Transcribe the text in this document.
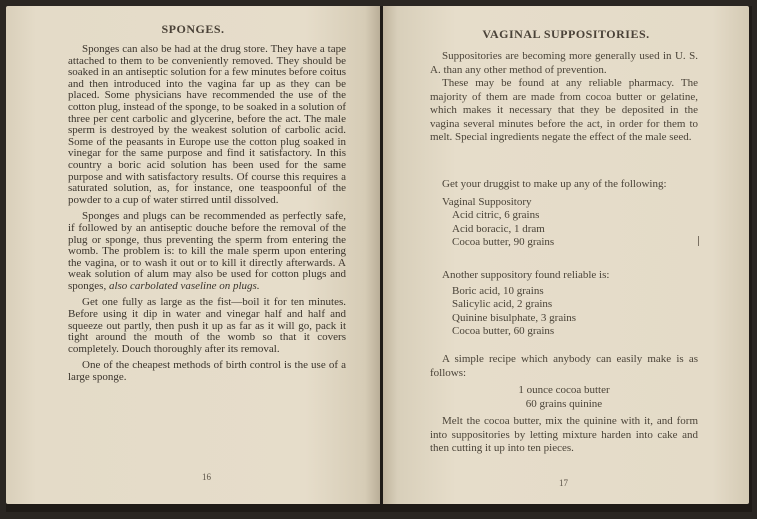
SPONGES.

Sponges can also be had at the drug store. They have a tape attached to them to be conveniently removed. They should be soaked in an antiseptic solution for a few minutes before coitus and then introduced into the vagina far up as they can be placed. Some physicians have recommended the use of the cotton plug, instead of the sponge, to be soaked in a solution of three per cent carbolic and glycerine, before the act. The male sperm is destroyed by the weakest solution of carbolic acid. Some of the peasants in Europe use the cotton plug soaked in vinegar for the same purpose and find it satisfactory. In this country a boric acid solution has been used for the same purpose and with satisfactory results. Of course this requires a saturated solution, as, for instance, one teaspoonful of the powder to a cup of water stirred until dissolved.

Sponges and plugs can be recommended as perfectly safe, if followed by an antiseptic douche before the removal of the plug or sponge, thus preventing the sperm from entering the womb. The problem is: to kill the male sperm upon entering the vagina, or to wash it out or to kill it directly afterwards. A weak solution of alum may also be used for cotton plugs and sponges, also carbolated vaseline on plugs.

Get one fully as large as the fist—boil it for ten minutes. Before using it dip in water and vinegar half and half and squeeze out partly, then push it up as far as it will go, pack it tight around the mouth of the womb so that it covers completely. Douch thoroughly after its removal.

One of the cheapest methods of birth control is the use of a large sponge.

16
VAGINAL SUPPOSITORIES.

Suppositories are becoming more generally used in U. S. A. than any other method of prevention.

These may be found at any reliable pharmacy. The majority of them are made from cocoa butter or gelatine, which makes it necessary that they be deposited in the vagina several minutes before the act, in order for them to melt. Special ingredients negate the effect of the male seed.

Get your druggist to make up any of the following:

Vaginal Suppository

Acid citric, 6 grains

Acid boracic, 1 dram

Cocoa butter, 90 grains

Another suppository found reliable is:

Boric acid, 10 grains

Salicylic acid, 2 grains

Quinine bisulphate, 3 grains

Cocoa butter, 60 grains

A simple recipe which anybody can easily make is as follows:

1 ounce cocoa butter

60 grains quinine

Melt the cocoa butter, mix the quinine with it, and form into suppositories by letting mixture harden into cake and then cutting it up into ten pieces.

17
